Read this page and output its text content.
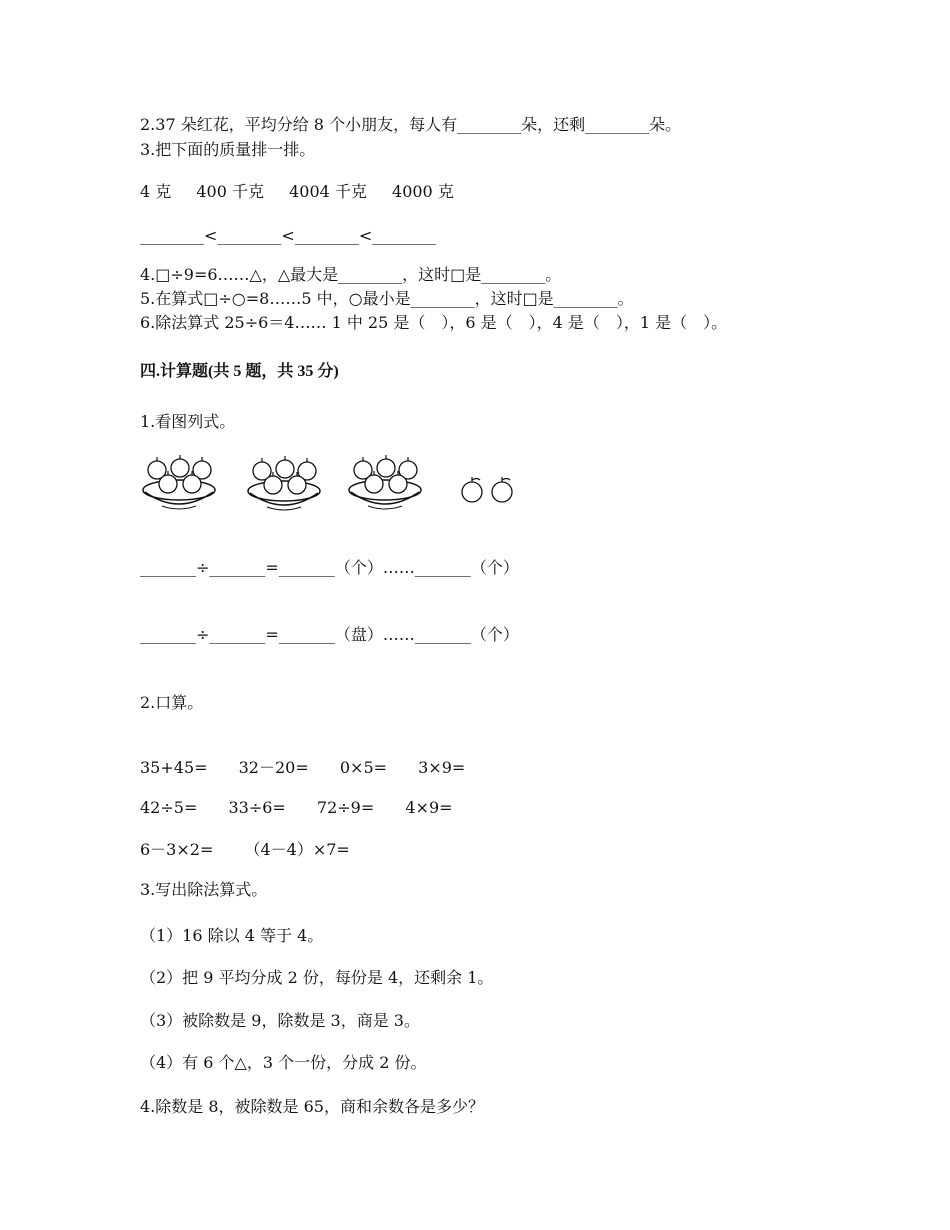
2.37 朵红花，平均分给 8 个小朋友，每人有________朵，还剩________朵。
3.把下面的质量排一排。
4 克 400 千克 4004 千克 4000 克
________<________<________<________
4.□÷9=6……△，△最大是________，这时□是________。
5.在算式□÷○=8……5 中，○最小是________，这时□是________。
6.除法算式 25÷6＝4…… 1 中 25 是（　），6 是（　），4 是（　），1 是（　）。
四.计算题(共 5 题，共 35 分)
1.看图列式。
_______÷_______=_______（个）……_______（个）
_______÷_______=_______（盘）……_______（个）
2.口算。
35+45= 32－20= 0×5= 3×9=
42÷5= 33÷6= 72÷9= 4×9=
6－3×2= （4－4）×7=
3.写出除法算式。
（1）16 除以 4 等于 4。
（2）把 9 平均分成 2 份，每份是 4，还剩余 1。
（3）被除数是 9，除数是 3，商是 3。
（4）有 6 个△，3 个一份，分成 2 份。
4.除数是 8，被除数是 65，商和余数各是多少？
